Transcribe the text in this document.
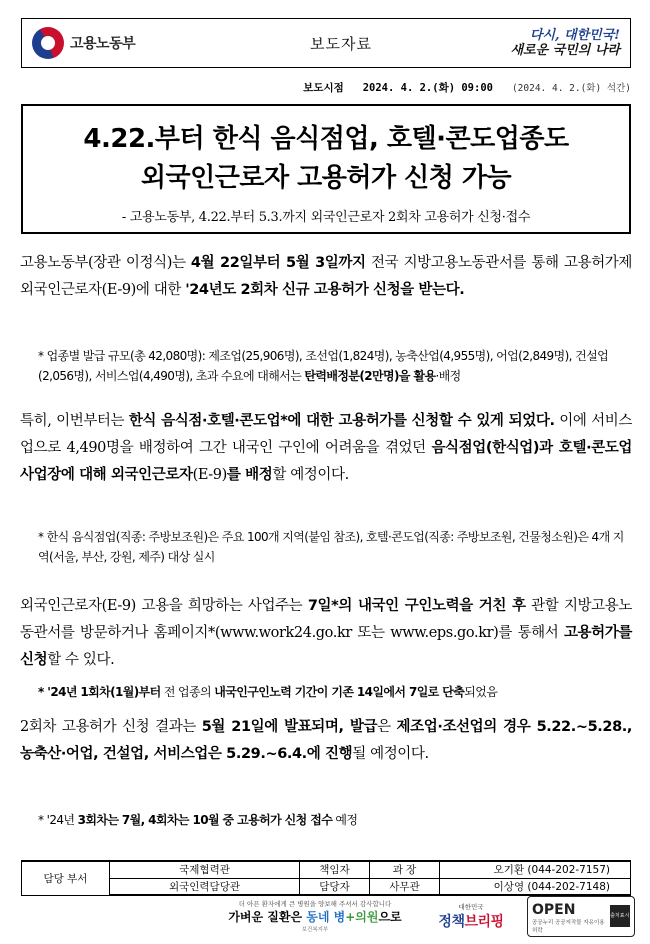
고용노동부	보도자료	다시, 대한민국!
새로운 국민의 나라
보도시점 2024. 4. 2.(화) 09:00 (2024. 4. 2.(화) 석간)
4.22.부터 한식 음식점업, 호텔·콘도업종도
외국인근로자 고용허가 신청 가능
- 고용노동부, 4.22.부터 5.3.까지 외국인근로자 2회차 고용허가 신청·접수
고용노동부(장관 이정식)는 4월 22일부터 5월 3일까지 전국 지방고용노동관서를 통해 고용허가제 외국인근로자(E-9)에 대한 '24년도 2회차 신규 고용허가 신청을 받는다.
* 업종별 발급 규모(총 42,080명): 제조업(25,906명), 조선업(1,824명), 농축산업(4,955명), 어업(2,849명), 건설업(2,056명), 서비스업(4,490명), 초과 수요에 대해서는 탄력배정분(2만명)을 활용·배정
특히, 이번부터는 한식 음식점·호텔·콘도업*에 대한 고용허가를 신청할 수 있게 되었다. 이에 서비스업으로 4,490명을 배정하여 그간 내국인 구인에 어려움을 겪었던 음식점업(한식업)과 호텔·콘도업 사업장에 대해 외국인근로자(E-9)를 배정할 예정이다.
* 한식 음식점업(직종: 주방보조원)은 주요 100개 지역(붙임 참조), 호텔·콘도업(직종: 주방보조원, 건물청소원)은 4개 지역(서울, 부산, 강원, 제주) 대상 실시
외국인근로자(E-9) 고용을 희망하는 사업주는 7일*의 내국인 구인노력을 거친 후 관할 지방고용노동관서를 방문하거나 홈페이지*(www.work24.go.kr 또는 www.eps.go.kr)를 통해서 고용허가를 신청할 수 있다.
* '24년 1회차(1월)부터 전 업종의 내국인구인노력 기간이 기존 14일에서 7일로 단축되었음
2회차 고용허가 신청 결과는 5월 21일에 발표되며, 발급은 제조업·조선업의 경우 5.22.~5.28., 농축산·어업, 건설업, 서비스업은 5.29.~6.4.에 진행될 예정이다.
* '24년 3회차는 7월, 4회차는 10월 중 고용허가 신청 접수 예정
담당 부서	국제협력관	책임자	과 장	오기환 (044-202-7157)
	외국인력담당관	담당자	사무관	이상영 (044-202-7148)
더 아픈 환자에게 큰 병원을 양보해 주셔서 감사합니다
가벼운 질환은 동네 병+의원으로
보건복지부
대한민국
정책브리핑
OPEN
공공누리 공공저작물 자유이용허락
출처표시
